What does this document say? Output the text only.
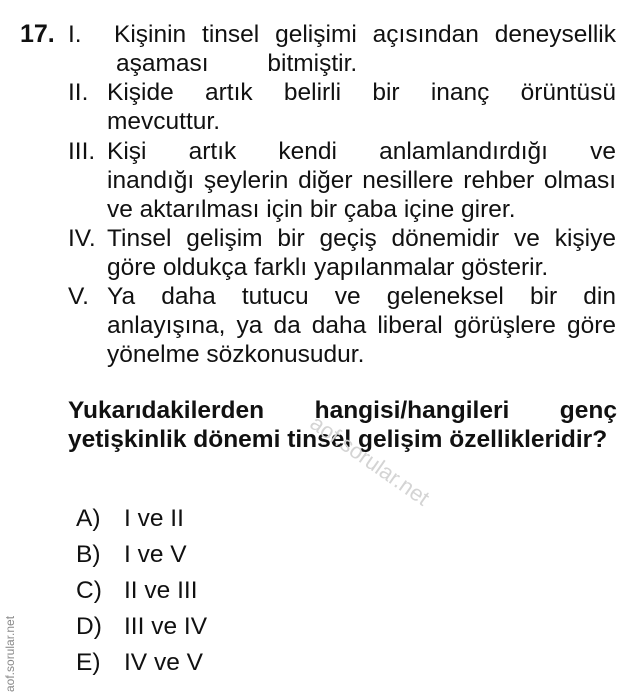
17. I. Kişinin tinsel gelişimi açısından deneysellik
aşaması bitmiştir.
II. Kişide artık belirli bir inanç örüntüsü
mevcuttur.
III. Kişi artık kendi anlamlandırdığı ve
inandığı şeylerin diğer nesillere rehber olması
ve aktarılması için bir çaba içine girer.
IV. Tinsel gelişim bir geçiş dönemidir ve kişiye
göre oldukça farklı yapılanmalar gösterir.
V. Ya daha tutucu ve geleneksel bir din
anlayışına, ya da daha liberal görüşlere göre
yönelme sözkonusudur.
Yukarıdakilerden hangisi/hangileri genç yetişkinlik dönemi tinsel gelişim özellikleridir?
A) I ve II
B) I ve V
C) II ve III
D) III ve IV
E) IV ve V
aof.sorular.net
aof.sorular.net
